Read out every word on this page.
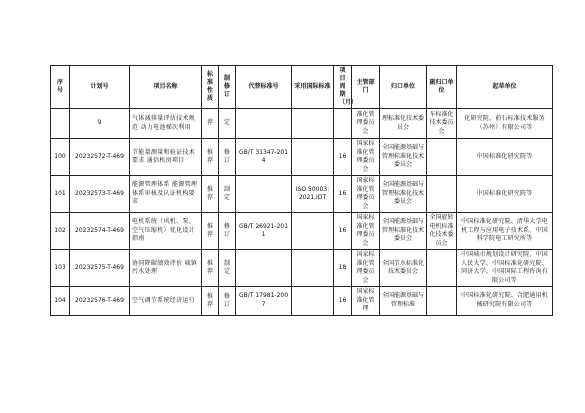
序号	计划号	项目名称	标准性质	制修订	代替标准号	采用国际标准	项目周期（月）	主管部门	归口单位	副归口单位	起草单位
	9	气体减排量评估技术规范 动力电池梯次利用	荐	定				准化管理委员会	理标准化技术委员会	车标准化技术委员会	化研究院、前石标准技术服务（苏州）有限公司等
100	20232572-T-469	节能量测量和验证技术要求 通信机房项目	推荐	修订	GB/T 31347-2014		16	国家标准化管理委员会	全国能源基础与管理标准化技术委员会		中国标准化研究院等
101	20232573-T-469	能源管理体系 能源管理体系审核及认证机构要求	推荐	制定		ISO 50003:2021,IDT	16	国家标准化管理委员会	全国能源基础与管理标准化技术委员会		中国标准化研究院等
102	20232574-T-469	电机系统（风机、泵、空气压缩机）优化设计指南	推荐	修订	GB/T 26921-2011		16	国家标准化管理委员会	全国能源基础与管理标准化技术委员会	全国旋转电机标准化技术委员会	中国标准化研究院、清华大学电机工程与应用电子技术系、中国科学院电工研究所等
103	20232575-T-469	协同降碳绩效评价 城镇污水处理	推荐	制定			18	国家标准化管理委员会	全国节水标准化技术委员会		中国城市规划设计研究院、中国人民大学、中国标准化研究院、同济大学、中国国际工程咨询有限公司等
104	20232576-T-469	空气调节系统经济运行	推荐	修订	GB/T 17981-2007		16	国家标准化管理	全国能源基础与管理标准		中国标准化研究院、合肥通用机械研究院有限公司等
